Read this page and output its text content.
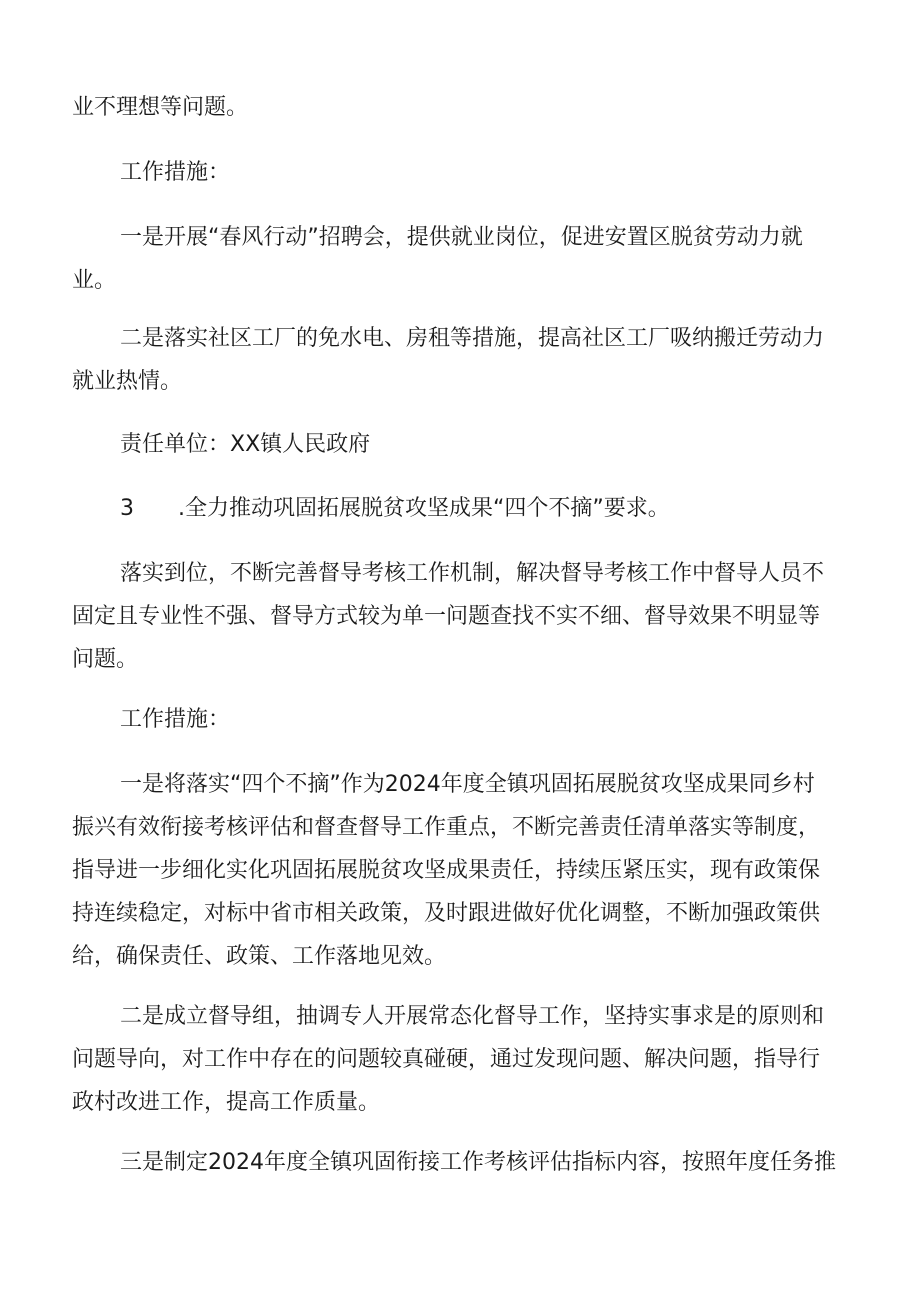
业不理想等问题。
工作措施：
一是开展“春风行动”招聘会，提供就业岗位，促进安置区脱贫劳动力就
业。
二是落实社区工厂的免水电、房租等措施，提高社区工厂吸纳搬迁劳动力
就业热情。
责任单位：XX镇人民政府
3 .全力推动巩固拓展脱贫攻坚成果“四个不摘”要求。
落实到位，不断完善督导考核工作机制，解决督导考核工作中督导人员不
固定且专业性不强、督导方式较为单一问题查找不实不细、督导效果不明显等
问题。
工作措施：
一是将落实“四个不摘”作为2024年度全镇巩固拓展脱贫攻坚成果同乡村
振兴有效衔接考核评估和督查督导工作重点，不断完善责任清单落实等制度，
指导进一步细化实化巩固拓展脱贫攻坚成果责任，持续压紧压实，现有政策保
持连续稳定，对标中省市相关政策，及时跟进做好优化调整，不断加强政策供
给，确保责任、政策、工作落地见效。
二是成立督导组，抽调专人开展常态化督导工作，坚持实事求是的原则和
问题导向，对工作中存在的问题较真碰硬，通过发现问题、解决问题，指导行
政村改进工作，提高工作质量。
三是制定2024年度全镇巩固衔接工作考核评估指标内容，按照年度任务推
